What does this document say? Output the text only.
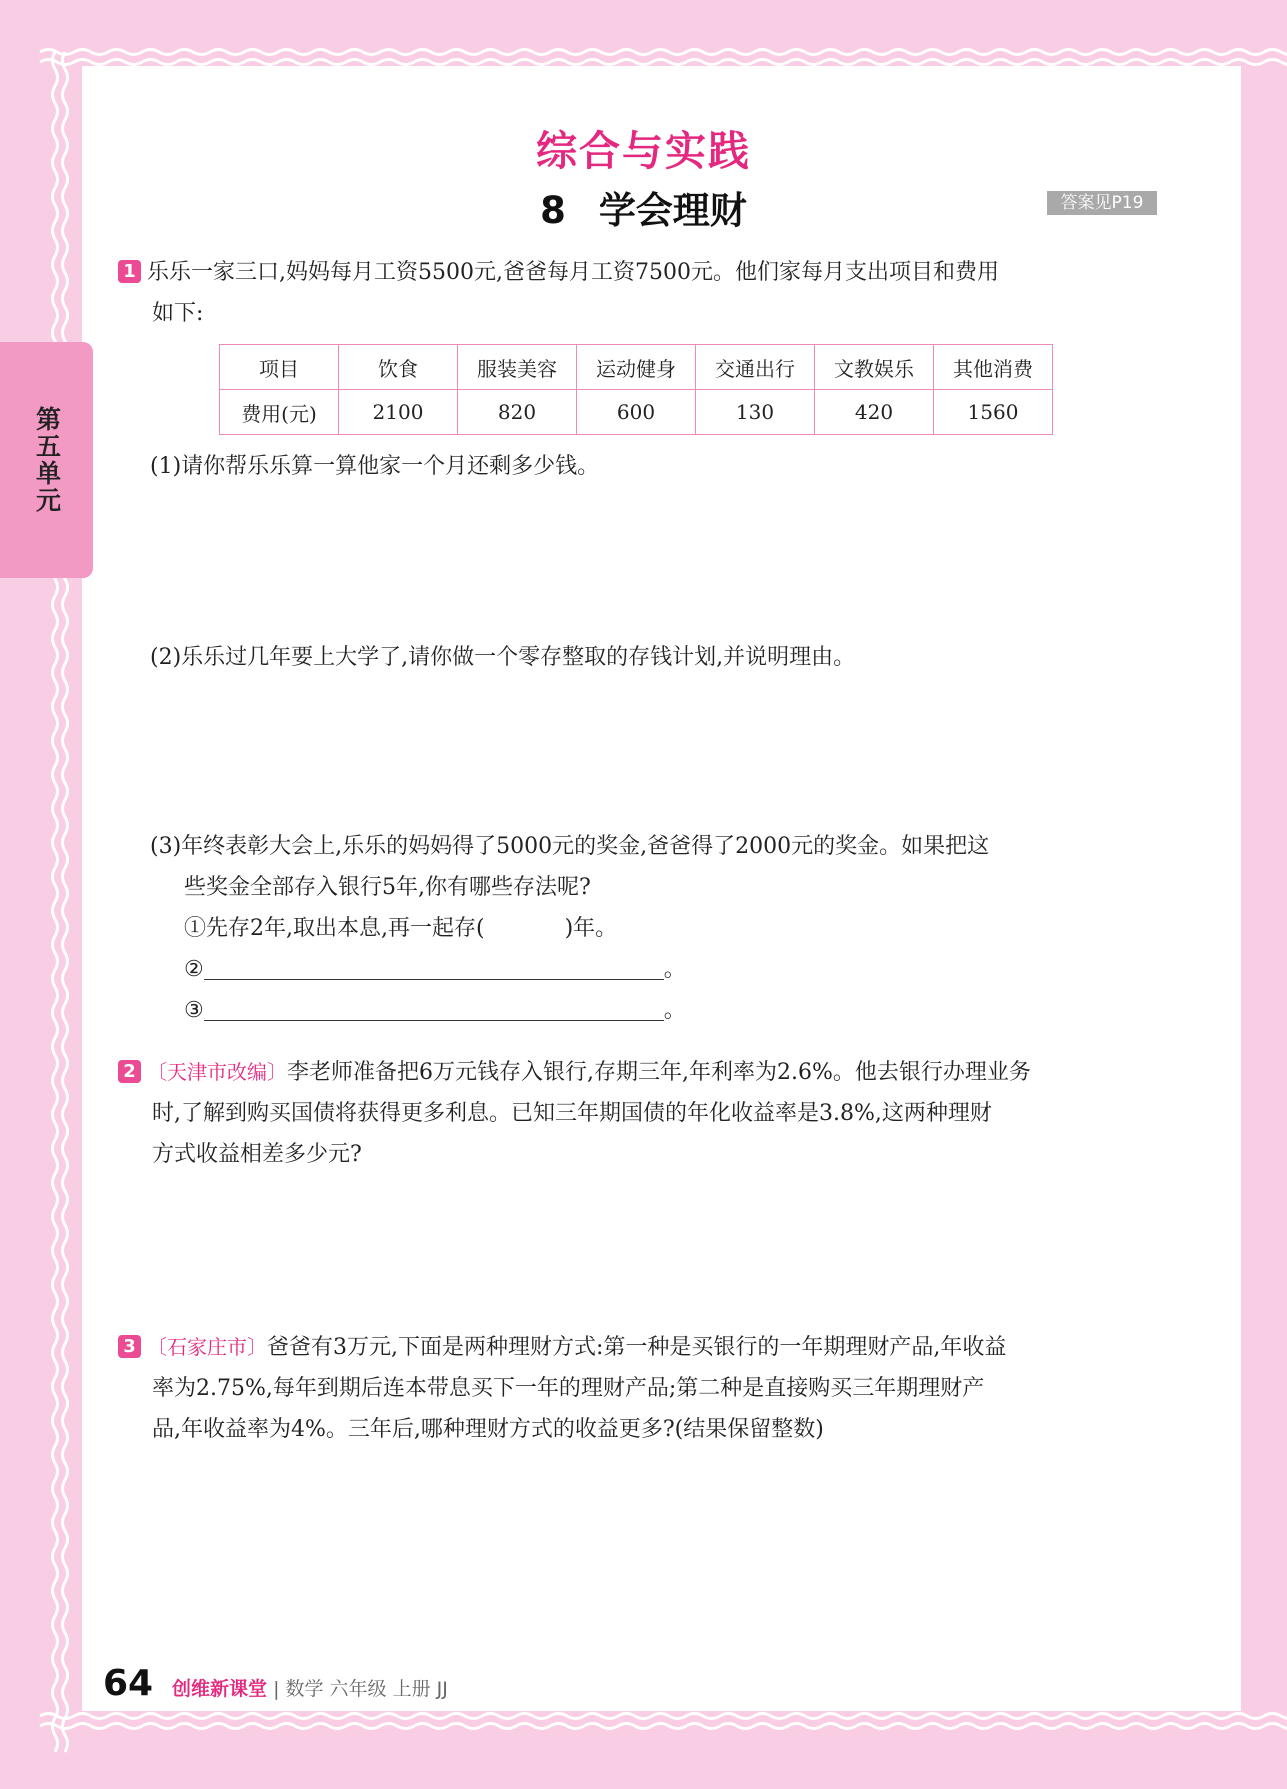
第五单元
综合与实践
8 学会理财	答案见P19
1 乐乐一家三口,妈妈每月工资5500元,爸爸每月工资7500元。他们家每月支出项目和费用
如下:
项目	饮食	服装美容	运动健身	交通出行	文教娱乐	其他消费
费用(元)	2100	820	600	130	420	1560
(1)请你帮乐乐算一算他家一个月还剩多少钱。
(2)乐乐过几年要上大学了,请你做一个零存整取的存钱计划,并说明理由。
(3)年终表彰大会上,乐乐的妈妈得了5000元的奖金,爸爸得了2000元的奖金。如果把这
些奖金全部存入银行5年,你有哪些存法呢?
①先存2年,取出本息,再一起存(	)年。
②	。
③	。
2 〔天津市改编〕李老师准备把6万元钱存入银行,存期三年,年利率为2.6%。他去银行办理业务
时,了解到购买国债将获得更多利息。已知三年期国债的年化收益率是3.8%,这两种理财
方式收益相差多少元?
3 〔石家庄市〕爸爸有3万元,下面是两种理财方式:第一种是买银行的一年期理财产品,年收益
率为2.75%,每年到期后连本带息买下一年的理财产品;第二种是直接购买三年期理财产
品,年收益率为4%。三年后,哪种理财方式的收益更多?(结果保留整数)
64 创维新课堂 | 数学 六年级 上册 JJ
